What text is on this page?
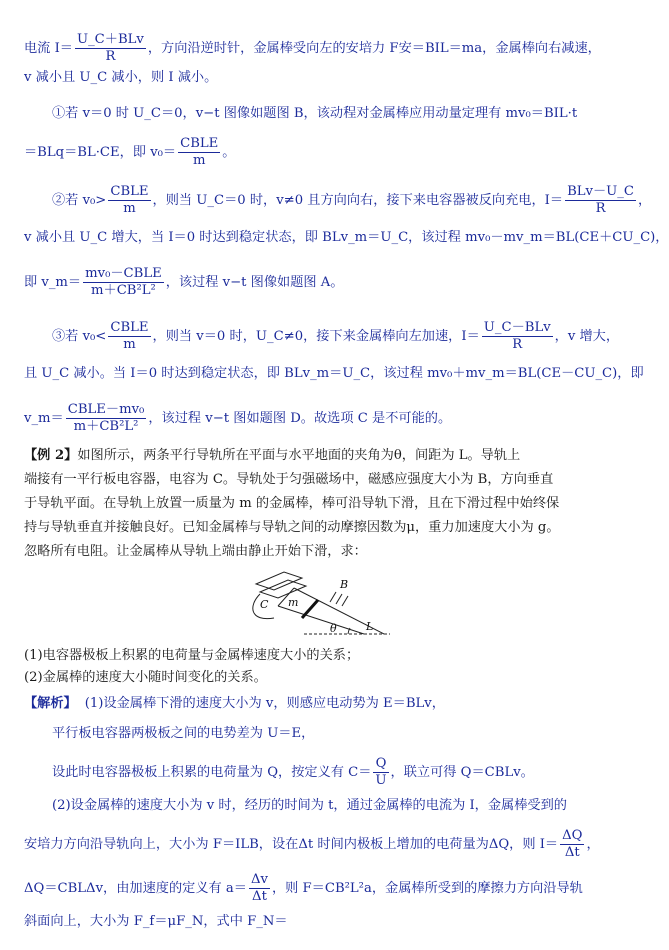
电流 $I= \frac{\text{U\_C＋BLv}}{R}$ ，方向沿逆时针，金属棒受向左的安培力 F安＝BIL＝ma，金属棒向右减速，
v 减小且 U_C 减小，则 I 减小。
①若 v＝0 时 U_C＝0，v−t 图像如题图 B，该动程对金属棒应用动量定理有 mv₀＝BIL·t
＝BLq＝BL·CE，即 $v_0= \frac{\text{CBLE}}{m}$ 。
②若 $v_0> \frac{\text{CBLE}}{m}$ ，则当 U_C＝0 时，v≠0 且方向向右，接下来电容器被反向充电，$I= \frac{\text{BLv－U\_C}}{R}$ ，
v 减小且 U_C 增大，当 I＝0 时达到稳定状态，即 BLv_m＝U_C，该过程 mv₀－mv_m＝BL(CE＋CU_C)，
即 v_m＝ $\frac{\text{mv₀－CBLE}}{\text{m＋CB²L²}}$ ，该过程 v−t 图像如题图 A。
③若 $v_0< \frac{\text{CBLE}}{m}$ ，则当 v＝0 时，U_C≠0，接下来金属棒向左加速，$I= \frac{\text{U\_C－BLv}}{R}$ ，v 增大，
且 U_C 减小。当 I＝0 时达到稳定状态，即 BLv_m＝U_C，该过程 mv₀＋mv_m＝BL(CE－CU_C)，即
v_m＝ $\frac{\text{CBLE－mv₀}}{\text{m＋CB²L²}}$ ，该过程 v−t 图如题图 D。故选项 C 是不可能的。
【例 2】如图所示，两条平行导轨所在平面与水平地面的夹角为θ，间距为 L。导轨上
端接有一平行板电容器，电容为 C。导轨处于匀强磁场中，磁感应强度大小为 B，方向垂直
于导轨平面。在导轨上放置一质量为 m 的金属棒，棒可沿导轨下滑，且在下滑过程中始终保
持与导轨垂直并接触良好。已知金属棒与导轨之间的动摩擦因数为μ，重力加速度大小为 g。
忽略所有电阻。让金属棒从导轨上端由静止开始下滑，求：
C m
B
θ	L
(1)电容器极板上积累的电荷量与金属棒速度大小的关系；
(2)金属棒的速度大小随时间变化的关系。
【解析】 (1)设金属棒下滑的速度大小为 v，则感应电动势为 E＝BLv，
平行板电容器两极板之间的电势差为 U＝E，
设此时电容器极板上积累的电荷量为 Q，按定义有 $C= \frac{Q}{U}$ ，联立可得 Q＝CBLv。
(2)设金属棒的速度大小为 v 时，经历的时间为 t，通过金属棒的电流为 I，金属棒受到的
安培力方向沿导轨向上，大小为 F＝ILB，设在Δt 时间内极板上增加的电荷量为ΔQ，则 $I= \frac{\Delta Q}{\Delta t}$ ，
ΔQ＝CBLΔv，由加速度的定义有 $a= \frac{\Delta v}{\Delta t}$ ，则 F＝CB²L²a，金属棒所受到的摩擦力方向沿导轨
斜面向上，大小为 F_f＝μF_N，式中 F_N＝
